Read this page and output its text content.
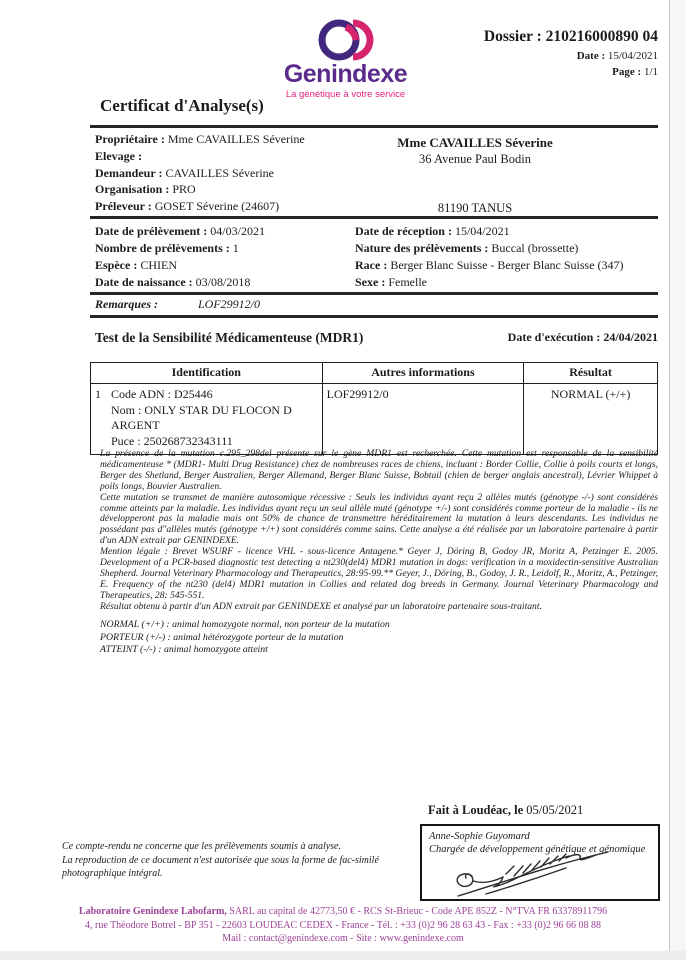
Genindexe
La génétique à votre service
Dossier : 210216000890 04
Date : 15/04/2021
Page : 1/1
Certificat d'Analyse(s)
Propriétaire : Mme CAVAILLES Séverine
Elevage :
Demandeur : CAVAILLES Séverine
Organisation : PRO
Préleveur : GOSET Séverine (24607)
Mme CAVAILLES Séverine
36 Avenue Paul Bodin
81190 TANUS
Date de prélèvement : 04/03/2021
Nombre de prélèvements : 1
Espèce : CHIEN
Date de naissance : 03/08/2018
Date de réception : 15/04/2021
Nature des prélèvements : Buccal (brossette)
Race : Berger Blanc Suisse - Berger Blanc Suisse (347)
Sexe : Femelle
Remarques :	LOF29912/0
Test de la Sensibilité Médicamenteuse (MDR1)	Date d'exécution : 24/04/2021
Identification	Autres informations	Résultat

1 Code ADN : D25446
Nom : ONLY STAR DU FLOCON D ARGENT
Puce : 250268732343111	LOF29912/0	NORMAL (+/+)

La présence de la mutation c.295_298del présente sur le gène MDR1 est recherchée. Cette mutation est responsable de la sensibilité médicamenteuse * (MDR1- Multi Drug Resistance) chez de nombreuses races de chiens, incluant : Border Collie, Collie à poils courts et longs, Berger des Shetland, Berger Australien, Berger Allemand, Berger Blanc Suisse, Bobtail (chien de berger anglais ancestral), Lévrier Whippet à poils longs, Bouvier Australien.

Cette mutation se transmet de manière autosomique récessive : Seuls les individus ayant reçu 2 allèles mutés (génotype -/-) sont considérés comme atteints par la maladie. Les individus ayant reçu un seul allèle muté (génotype +/-) sont considérés comme porteur de la maladie - ils ne développeront pas la maladie mais ont 50% de chance de transmettre héréditairement la mutation à leurs descendants. Les individus ne possédant pas d''allèles mutés (génotype +/+) sont considérés comme sains. Cette analyse a été réalisée par un laboratoire partenaire à partir d'un ADN extrait par GENINDEXE.

Mention légale : Brevet WSURF - licence VHL - sous-licence Antagene.* Geyer J, Döring B, Godoy JR, Moritz A, Petzinger E. 2005. Development of a PCR-based diagnostic test detecting a nt230(del4) MDR1 mutation in dogs: verification in a moxidectin-sensitive Australian Shepherd. Journal Veterinary Pharmacology and Therapeutics, 28:95-99.** Geyer, J., Döring, B., Godoy, J. R., Leidolf, R., Moritz, A., Petzinger, E. Frequency of the nt230 (del4) MDR1 mutation in Collies and related dog breeds in Germany. Journal Veterinary Pharmacology and Therapeutics, 28: 545-551.

Résultat obtenu à partir d'un ADN extrait par GENINDEXE et analysé par un laboratoire partenaire sous-traitant.

NORMAL (+/+) : animal homozygote normal, non porteur de la mutation
PORTEUR (+/-) : animal hétérozygote porteur de la mutation
ATTEINT (-/-) : animal homozygote atteint
Fait à Loudéac, le 05/05/2021
Anne-Sophie Guyomard
Chargée de développement génétique et génomique
Ce compte-rendu ne concerne que les prélèvements soumis à analyse.
La reproduction de ce document n'est autorisée que sous la forme de fac-similé photographique intégral.
Laboratoire Genindexe Labofarm, SARL au capital de 42773,50 € - RCS St-Brieuc - Code APE 852Z - N°TVA FR 63378911796
4, rue Théodore Botrel - BP 351 - 22603 LOUDEAC CEDEX - France - Tél. : +33 (0)2 96 28 63 43 - Fax : +33 (0)2 96 66 08 88
Mail : contact@genindexe.com - Site : www.genindexe.com
